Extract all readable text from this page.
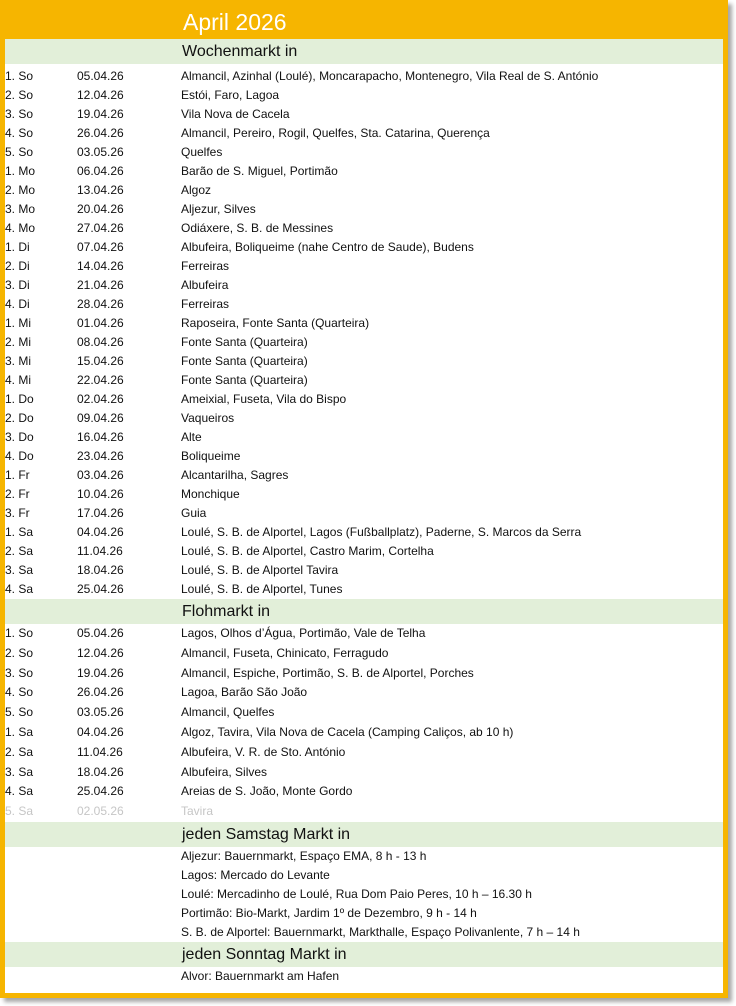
April 2026
Wochenmarkt in
1. So	05.04.26	Almancil, Azinhal (Loulé), Moncarapacho, Montenegro, Vila Real de S. António
2. So	12.04.26	Estói, Faro, Lagoa
3. So	19.04.26	Vila Nova de Cacela
4. So	26.04.26	Almancil, Pereiro, Rogil, Quelfes, Sta. Catarina, Querença
5. So	03.05.26	Quelfes
1. Mo	06.04.26	Barão de S. Miguel, Portimão
2. Mo	13.04.26	Algoz
3. Mo	20.04.26	Aljezur, Silves
4. Mo	27.04.26	Odiáxere, S. B. de Messines
1. Di	07.04.26	Albufeira, Boliqueime (nahe Centro de Saude), Budens
2. Di	14.04.26	Ferreiras
3. Di	21.04.26	Albufeira
4. Di	28.04.26	Ferreiras
1. Mi	01.04.26	Raposeira, Fonte Santa (Quarteira)
2. Mi	08.04.26	Fonte Santa (Quarteira)
3. Mi	15.04.26	Fonte Santa (Quarteira)
4. Mi	22.04.26	Fonte Santa (Quarteira)
1. Do	02.04.26	Ameixial, Fuseta, Vila do Bispo
2. Do	09.04.26	Vaqueiros
3. Do	16.04.26	Alte
4. Do	23.04.26	Boliqueime
1. Fr	03.04.26	Alcantarilha, Sagres
2. Fr	10.04.26	Monchique
3. Fr	17.04.26	Guia
1. Sa	04.04.26	Loulé, S. B. de Alportel, Lagos (Fußballplatz), Paderne, S. Marcos da Serra
2. Sa	11.04.26	Loulé, S. B. de Alportel, Castro Marim, Cortelha
3. Sa	18.04.26	Loulé, S. B. de Alportel Tavira
4. Sa	25.04.26	Loulé, S. B. de Alportel, Tunes
Flohmarkt in
1. So	05.04.26	Lagos, Olhos d’Água, Portimão, Vale de Telha
2. So	12.04.26	Almancil, Fuseta, Chinicato, Ferragudo
3. So	19.04.26	Almancil, Espiche, Portimão, S. B. de Alportel, Porches
4. So	26.04.26	Lagoa, Barão São João
5. So	03.05.26	Almancil, Quelfes
1. Sa	04.04.26	Algoz, Tavira, Vila Nova de Cacela (Camping Caliços, ab 10 h)
2. Sa	11.04.26	Albufeira, V. R. de Sto. António
3. Sa	18.04.26	Albufeira, Silves
4. Sa	25.04.26	Areias de S. João, Monte Gordo
5. Sa	02.05.26	Tavira
jeden Samstag Markt in
Aljezur: Bauernmarkt, Espaço EMA, 8 h - 13 h
Lagos: Mercado do Levante
Loulé: Mercadinho de Loulé, Rua Dom Paio Peres, 10 h – 16.30 h
Portimão: Bio-Markt, Jardim 1º de Dezembro, 9 h - 14 h
S. B. de Alportel: Bauernmarkt, Markthalle, Espaço Polivanlente, 7 h – 14 h
jeden Sonntag Markt in
Alvor: Bauernmarkt am Hafen
